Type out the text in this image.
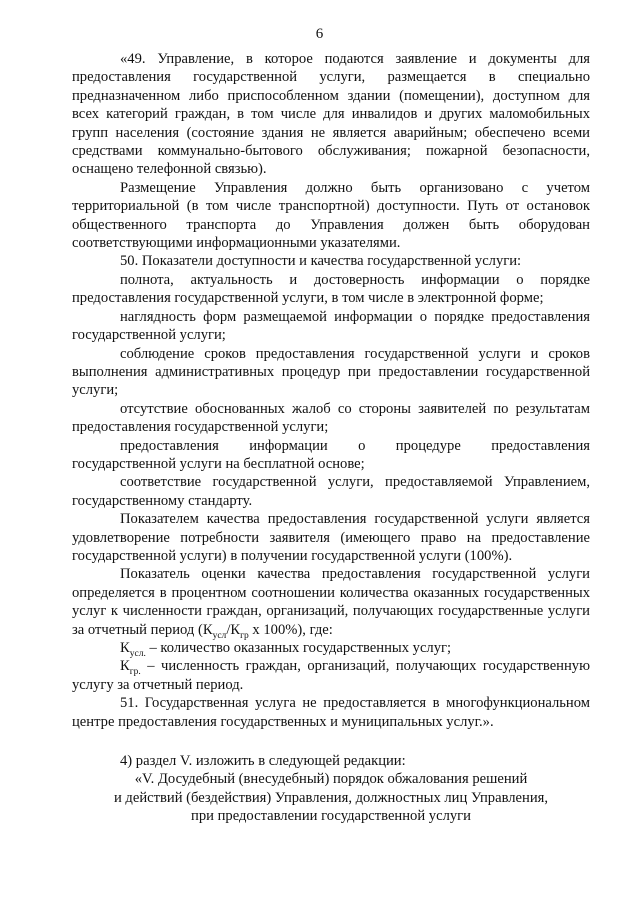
6

«49. Управление, в которое подаются заявление и документы для предоставления государственной услуги, размещается в специально предназначенном либо приспособленном здании (помещении), доступном для всех категорий граждан, в том числе для инвалидов и других маломобильных групп населения (состояние здания не является аварийным; обеспечено всеми средствами коммунально-бытового обслуживания; пожарной безопасности, оснащено телефонной связью).

Размещение Управления должно быть организовано с учетом территориальной (в том числе транспортной) доступности. Путь от остановок общественного транспорта до Управления должен быть оборудован соответствующими информационными указателями.

50. Показатели доступности и качества государственной услуги:

полнота, актуальность и достоверность информации о порядке предоставления государственной услуги, в том числе в электронной форме;

наглядность форм размещаемой информации о порядке предоставления государственной услуги;

соблюдение сроков предоставления государственной услуги и сроков выполнения административных процедур при предоставлении государственной услуги;

отсутствие обоснованных жалоб со стороны заявителей по результатам предоставления государственной услуги;

предоставления информации о процедуре предоставления государственной услуги на бесплатной основе;

соответствие государственной услуги, предоставляемой Управлением, государственному стандарту.

Показателем качества предоставления государственной услуги является удовлетворение потребности заявителя (имеющего право на предоставление государственной услуги) в получении государственной услуги (100%).

Показатель оценки качества предоставления государственной услуги определяется в процентном соотношении количества оказанных государственных услуг к численности граждан, организаций, получающих государственные услуги за отчетный период ($К_{усл}/К_{гр}$ х 100%), где:

$К_{усл.}$ – количество оказанных государственных услуг;

$К_{гр.}$ – численность граждан, организаций, получающих государственную услугу за отчетный период.

51. Государственная услуга не предоставляется в многофункциональном центре предоставления государственных и муниципальных услуг.».

4) раздел V. изложить в следующей редакции:

«V. Досудебный (внесудебный) порядок обжалования решений

и действий (бездействия) Управления, должностных лиц Управления,

при предоставлении государственной услуги
